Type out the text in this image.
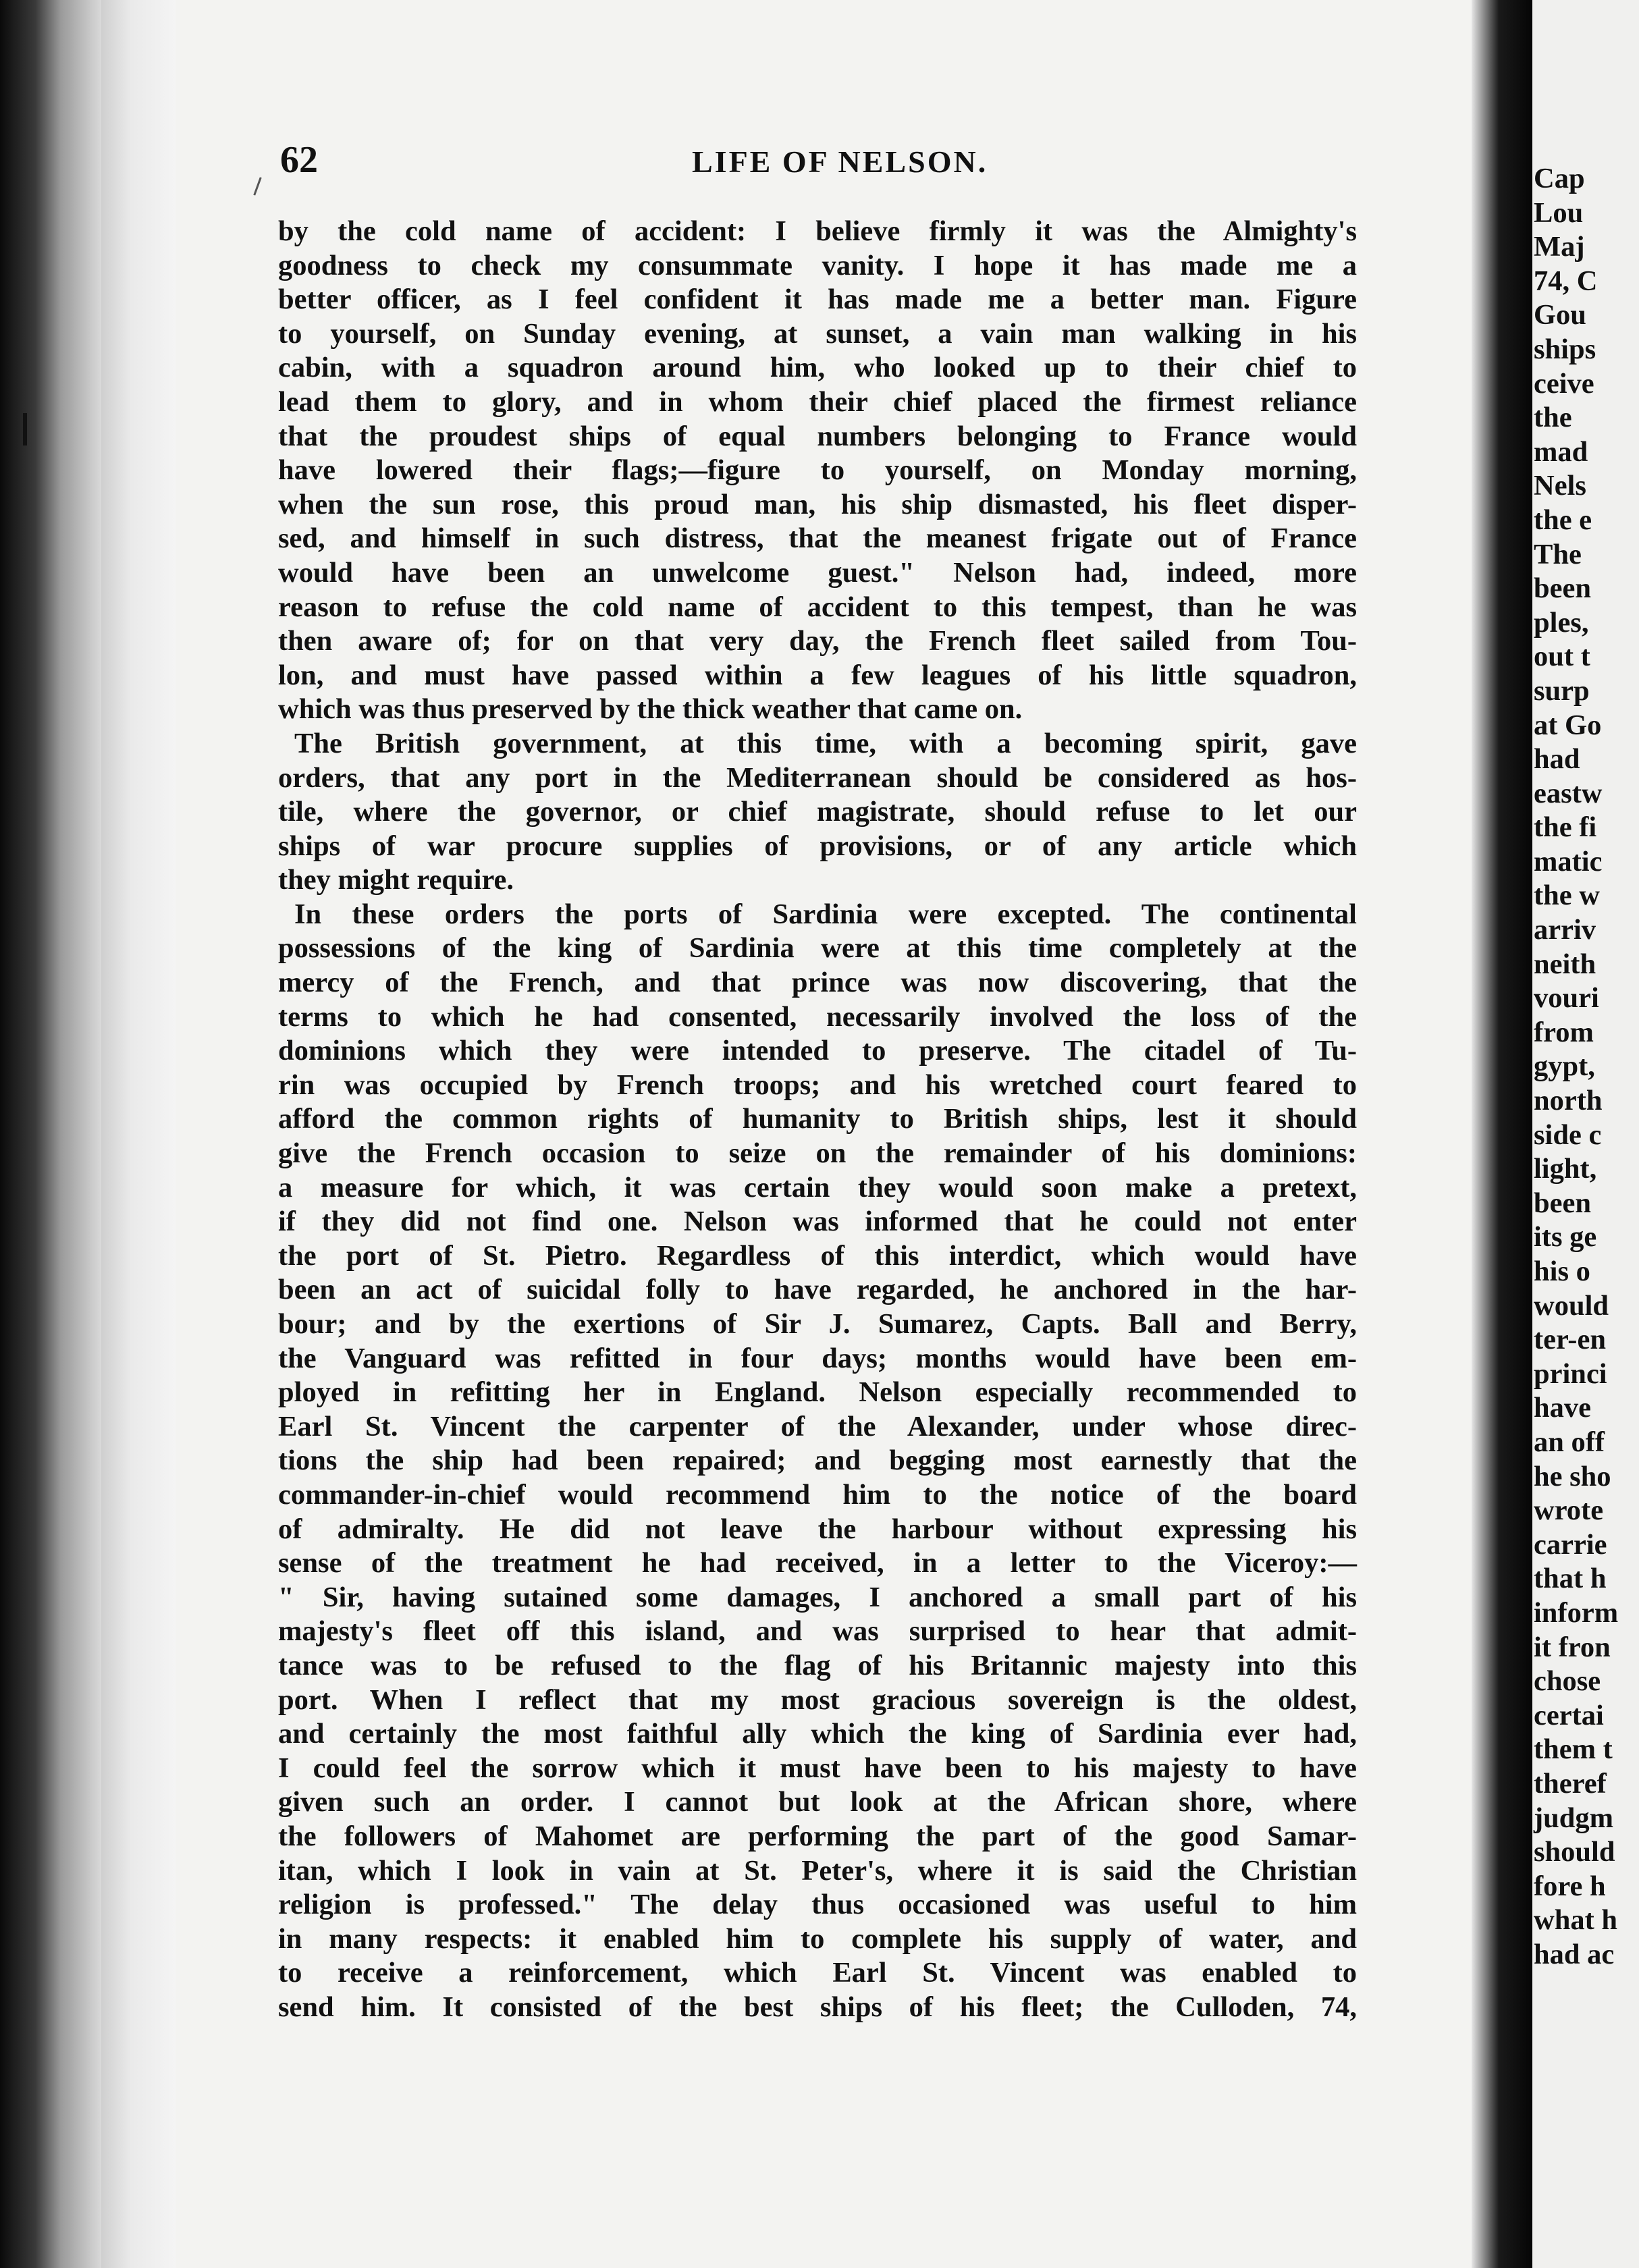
62	LIFE OF NELSON.
by the cold name of accident: I believe firmly it was the Almighty's
goodness to check my consummate vanity. I hope it has made me a
better officer, as I feel confident it has made me a better man. Figure
to yourself, on Sunday evening, at sunset, a vain man walking in his
cabin, with a squadron around him, who looked up to their chief to
lead them to glory, and in whom their chief placed the firmest reliance
that the proudest ships of equal numbers belonging to France would
have lowered their flags;—figure to yourself, on Monday morning,
when the sun rose, this proud man, his ship dismasted, his fleet disper-
sed, and himself in such distress, that the meanest frigate out of France
would have been an unwelcome guest." Nelson had, indeed, more
reason to refuse the cold name of accident to this tempest, than he was
then aware of; for on that very day, the French fleet sailed from Tou-
lon, and must have passed within a few leagues of his little squadron,
which was thus preserved by the thick weather that came on.
The British government, at this time, with a becoming spirit, gave
orders, that any port in the Mediterranean should be considered as hos-
tile, where the governor, or chief magistrate, should refuse to let our
ships of war procure supplies of provisions, or of any article which
they might require.
In these orders the ports of Sardinia were excepted. The continental
possessions of the king of Sardinia were at this time completely at the
mercy of the French, and that prince was now discovering, that the
terms to which he had consented, necessarily involved the loss of the
dominions which they were intended to preserve. The citadel of Tu-
rin was occupied by French troops; and his wretched court feared to
afford the common rights of humanity to British ships, lest it should
give the French occasion to seize on the remainder of his dominions:
a measure for which, it was certain they would soon make a pretext,
if they did not find one. Nelson was informed that he could not enter
the port of St. Pietro. Regardless of this interdict, which would have
been an act of suicidal folly to have regarded, he anchored in the har-
bour; and by the exertions of Sir J. Sumarez, Capts. Ball and Berry,
the Vanguard was refitted in four days; months would have been em-
ployed in refitting her in England. Nelson especially recommended to
Earl St. Vincent the carpenter of the Alexander, under whose direc-
tions the ship had been repaired; and begging most earnestly that the
commander-in-chief would recommend him to the notice of the board
of admiralty. He did not leave the harbour without expressing his
sense of the treatment he had received, in a letter to the Viceroy:—
" Sir, having sutained some damages, I anchored a small part of his
majesty's fleet off this island, and was surprised to hear that admit-
tance was to be refused to the flag of his Britannic majesty into this
port. When I reflect that my most gracious sovereign is the oldest,
and certainly the most faithful ally which the king of Sardinia ever had,
I could feel the sorrow which it must have been to his majesty to have
given such an order. I cannot but look at the African shore, where
the followers of Mahomet are performing the part of the good Samar-
itan, which I look in vain at St. Peter's, where it is said the Christian
religion is professed." The delay thus occasioned was useful to him
in many respects: it enabled him to complete his supply of water, and
to receive a reinforcement, which Earl St. Vincent was enabled to
send him. It consisted of the best ships of his fleet; the Culloden, 74,
Cap
Lou
Maj
74, C
Gou
ships
ceive
the
mad
Nels
the e
The
been
ples,
out t
surp
at Go
had
eastw
the fi
matic
the w
arriv
neith
vouri
from
gypt,
north
side c
light,
been
its ge
his o
would
ter-en
princi
have
an off
he sho
wrote
carrie
that h
inform
it fron
chose
certai
them t
theref
judgm
should
fore h
what h
had ac
